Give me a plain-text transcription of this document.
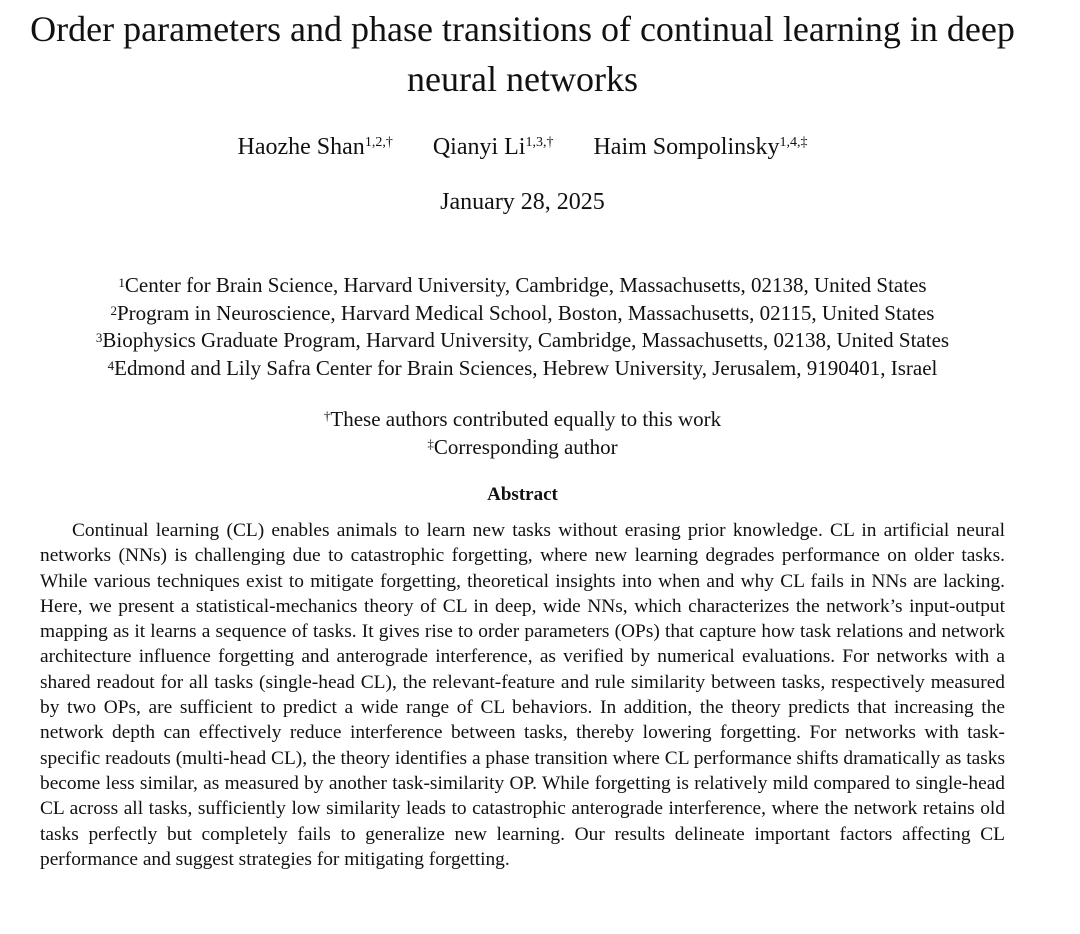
Order parameters and phase transitions of continual learning in deep neural networks
Haozhe Shan$^{1,2,\dagger}$ Qianyi $Li^{1,3,\dagger}$ Haim Sompolinsky$^{1,4,\ddagger}$
January 28, 2025
$^1$Center for Brain Science, Harvard University, Cambridge, Massachusetts, 02138, United States
$^2$Program in Neuroscience, Harvard Medical School, Boston, Massachusetts, 02115, United States
$^3$Biophysics Graduate Program, Harvard University, Cambridge, Massachusetts, 02138, United States
$^4$Edmond and Lily Safra Center for Brain Sciences, Hebrew University, Jerusalem, 9190401, Israel
†These authors contributed equally to this work
‡Corresponding author
Abstract

Continual learning (CL) enables animals to learn new tasks without erasing prior knowledge. CL in artificial neural networks (NNs) is challenging due to catastrophic forgetting, where new learning degrades performance on older tasks. While various techniques exist to mitigate forgetting, theoretical insights into when and why CL fails in NNs are lacking. Here, we present a statistical-mechanics theory of CL in deep, wide NNs, which characterizes the network’s input-output mapping as it learns a sequence of tasks. It gives rise to order parameters (OPs) that capture how task relations and network architecture influence forgetting and anterograde interference, as verified by numerical evaluations. For networks with a shared readout for all tasks (single-head CL), the relevant-feature and rule similarity between tasks, respectively measured by two OPs, are sufficient to predict a wide range of CL behaviors. In addition, the theory predicts that increasing the network depth can effectively reduce interference between tasks, thereby lowering forgetting. For networks with task-specific readouts (multi-head CL), the theory identifies a phase transition where CL performance shifts dramatically as tasks become less similar, as measured by another task-similarity OP. While forgetting is relatively mild compared to single-head CL across all tasks, sufficiently low similarity leads to catastrophic anterograde interference, where the network retains old tasks perfectly but completely fails to generalize new learning. Our results delineate important factors affecting CL performance and suggest strategies for mitigating forgetting.
